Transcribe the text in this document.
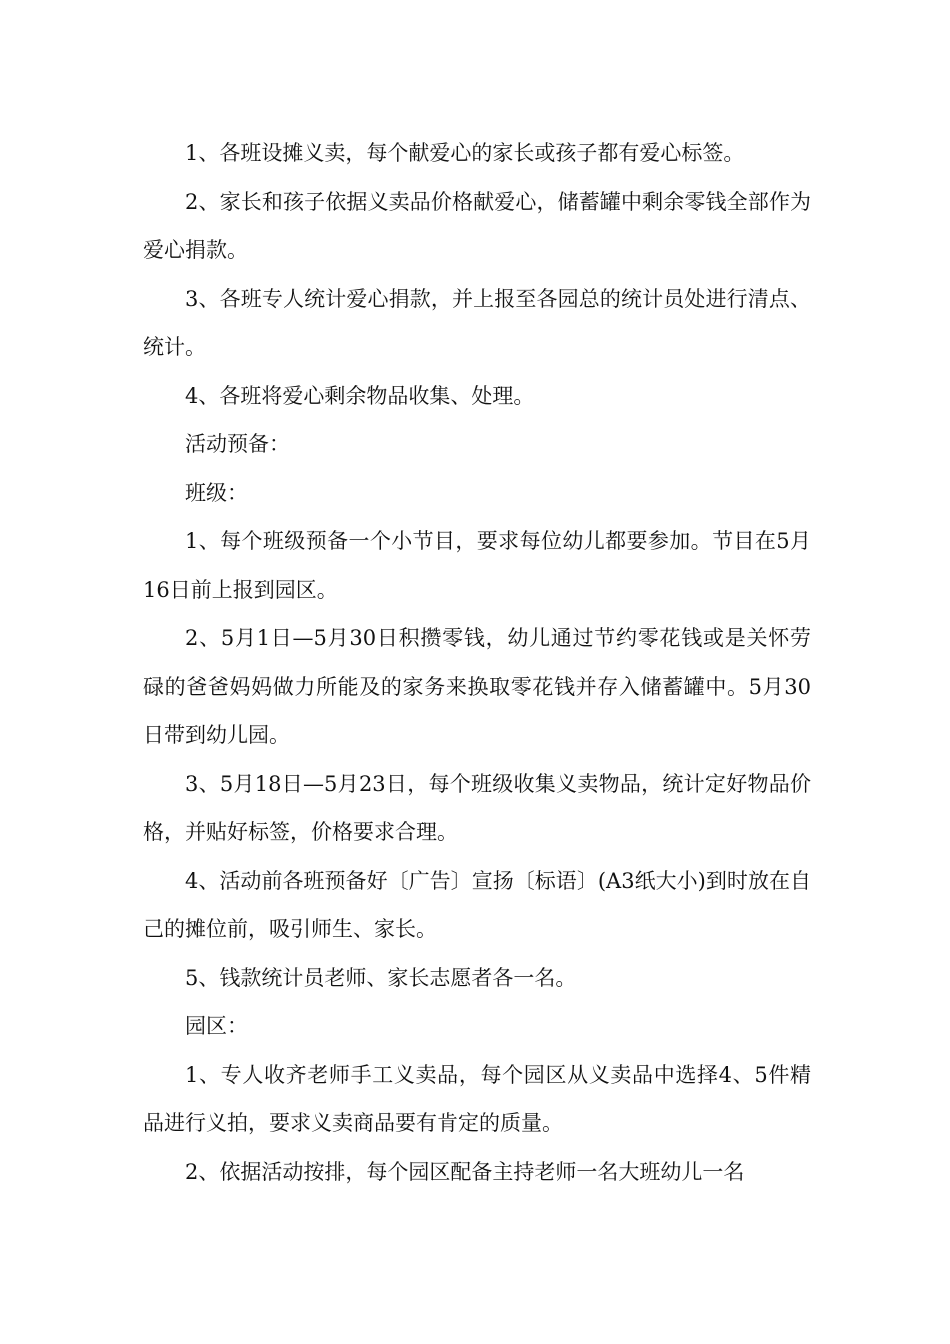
1、各班设摊义卖，每个献爱心的家长或孩子都有爱心标签。

2、家长和孩子依据义卖品价格献爱心，储蓄罐中剩余零钱全部作为爱心捐款。

3、各班专人统计爱心捐款，并上报至各园总的统计员处进行清点、统计。

4、各班将爱心剩余物品收集、处理。

活动预备：

班级：

1、每个班级预备一个小节目，要求每位幼儿都要参加。节目在5月16日前上报到园区。

2、5月1日—5月30日积攒零钱，幼儿通过节约零花钱或是关怀劳碌的爸爸妈妈做力所能及的家务来换取零花钱并存入储蓄罐中。5月30日带到幼儿园。

3、5月18日—5月23日，每个班级收集义卖物品，统计定好物品价格，并贴好标签，价格要求合理。

4、活动前各班预备好〔广告〕宣扬〔标语〕(A3纸大小)到时放在自己的摊位前，吸引师生、家长。

5、钱款统计员老师、家长志愿者各一名。

园区：

1、专人收齐老师手工义卖品，每个园区从义卖品中选择4、5件精品进行义拍，要求义卖商品要有肯定的质量。

2、依据活动按排，每个园区配备主持老师一名大班幼儿一名
